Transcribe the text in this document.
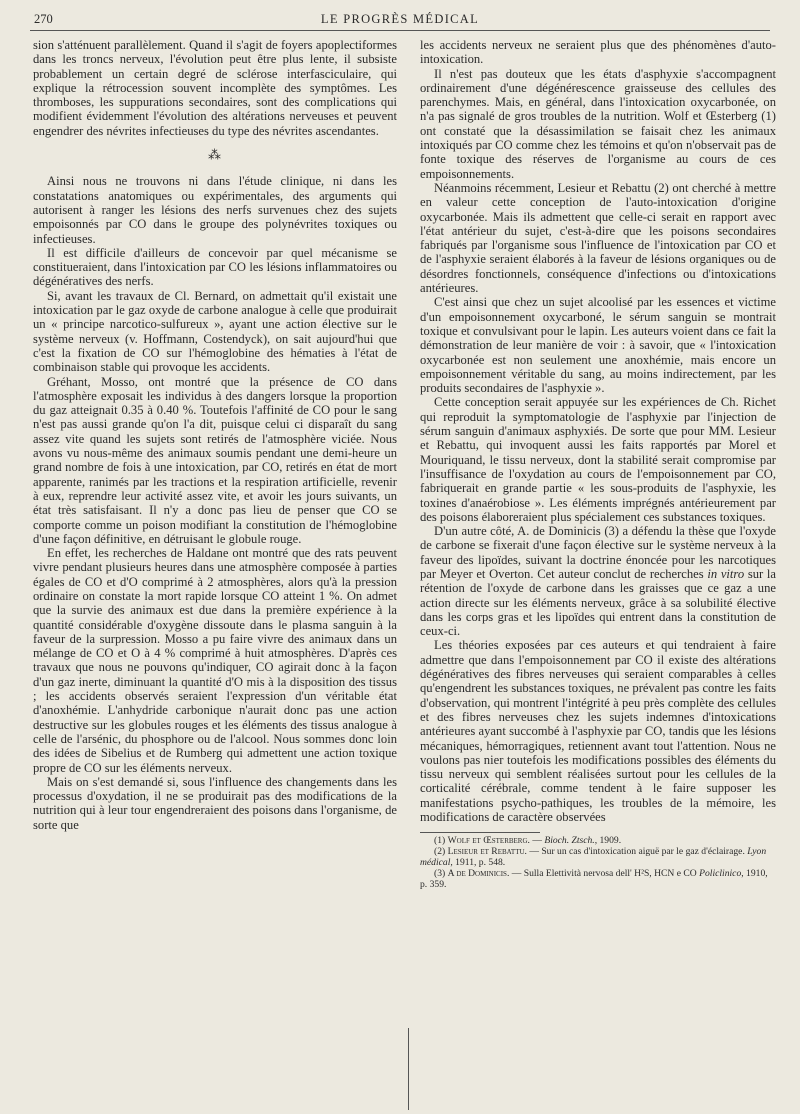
270	LE PROGRÈS MÉDICAL

sion s'atténuent parallèlement. Quand il s'agit de foyers apoplectiformes dans les troncs nerveux, l'évolution peut être plus lente, il subsiste probablement un certain degré de sclérose interfasciculaire, qui explique la rétrocession souvent incomplète des symptômes. Les thromboses, les suppurations secondaires, sont des complications qui modifient évidemment l'évolution des altérations nerveuses et peuvent engendrer des névrites infectieuses du type des névrites ascendantes.

⁂

Ainsi nous ne trouvons ni dans l'étude clinique, ni dans les constatations anatomiques ou expérimentales, des arguments qui autorisent à ranger les lésions des nerfs survenues chez des sujets empoisonnés par CO dans le groupe des polynévrites toxiques ou infectieuses.

Il est difficile d'ailleurs de concevoir par quel mécanisme se constitueraient, dans l'intoxication par CO les lésions inflammatoires ou dégénératives des nerfs.

Si, avant les travaux de Cl. Bernard, on admettait qu'il existait une intoxication par le gaz oxyde de carbone analogue à celle que produirait un « principe narcotico-sulfureux », ayant une action élective sur le système nerveux (v. Hoffmann, Costendyck), on sait aujourd'hui que c'est la fixation de CO sur l'hémoglobine des hématies à l'état de combinaison stable qui provoque les accidents.

Gréhant, Mosso, ont montré que la présence de CO dans l'atmosphère exposait les individus à des dangers lorsque la proportion du gaz atteignait 0.35 à 0.40 %. Toutefois l'affinité de CO pour le sang n'est pas aussi grande qu'on l'a dit, puisque celui ci disparaît du sang assez vite quand les sujets sont retirés de l'atmosphère viciée. Nous avons vu nous-même des animaux soumis pendant une demi-heure un grand nombre de fois à une intoxication, par CO, retirés en état de mort apparente, ranimés par les tractions et la respiration artificielle, revenir à eux, reprendre leur activité assez vite, et avoir les jours suivants, un état très satisfaisant. Il n'y a donc pas lieu de penser que CO se comporte comme un poison modifiant la constitution de l'hémoglobine d'une façon définitive, en détruisant le globule rouge.

En effet, les recherches de Haldane ont montré que des rats peuvent vivre pendant plusieurs heures dans une atmosphère composée à parties égales de CO et d'O comprimé à 2 atmosphères, alors qu'à la pression ordinaire on constate la mort rapide lorsque CO atteint 1 %. On admet que la survie des animaux est due dans la première expérience à la quantité considérable d'oxygène dissoute dans le plasma sanguin à la faveur de la surpression. Mosso a pu faire vivre des animaux dans un mélange de CO et O à 4 % comprimé à huit atmosphères. D'après ces travaux que nous ne pouvons qu'indiquer, CO agirait donc à la façon d'un gaz inerte, diminuant la quantité d'O mis à la disposition des tissus ; les accidents observés seraient l'expression d'un véritable état d'anoxhémie. L'anhydride carbonique n'aurait donc pas une action destructive sur les globules rouges et les éléments des tissus analogue à celle de l'arsénic, du phosphore ou de l'alcool. Nous sommes donc loin des idées de Sibelius et de Rumberg qui admettent une action toxique propre de CO sur les éléments nerveux.

Mais on s'est demandé si, sous l'influence des changements dans les processus d'oxydation, il ne se produirait pas des modifications de la nutrition qui à leur tour engendreraient des poisons dans l'organisme, de sorte que

les accidents nerveux ne seraient plus que des phénomènes d'auto-intoxication.

Il n'est pas douteux que les états d'asphyxie s'accompagnent ordinairement d'une dégénérescence graisseuse des cellules des parenchymes. Mais, en général, dans l'intoxication oxycarbonée, on n'a pas signalé de gros troubles de la nutrition. Wolf et Œsterberg (1) ont constaté que la désassimilation se faisait chez les animaux intoxiqués par CO comme chez les témoins et qu'on n'observait pas de fonte toxique des réserves de l'organisme au cours de ces empoisonnements.

Néanmoins récemment, Lesieur et Rebattu (2) ont cherché à mettre en valeur cette conception de l'auto-intoxication d'origine oxycarbonée. Mais ils admettent que celle-ci serait en rapport avec l'état antérieur du sujet, c'est-à-dire que les poisons secondaires fabriqués par l'organisme sous l'influence de l'intoxication par CO et de l'asphyxie seraient élaborés à la faveur de lésions organiques ou de désordres fonctionnels, conséquence d'infections ou d'intoxications antérieures.

C'est ainsi que chez un sujet alcoolisé par les essences et victime d'un empoisonnement oxycarboné, le sérum sanguin se montrait toxique et convulsivant pour le lapin. Les auteurs voient dans ce fait la démonstration de leur manière de voir : à savoir, que « l'intoxication oxycarbonée est non seulement une anoxhémie, mais encore un empoisonnement véritable du sang, au moins indirectement, par les produits secondaires de l'asphyxie ».

Cette conception serait appuyée sur les expériences de Ch. Richet qui reproduit la symptomatologie de l'asphyxie par l'injection de sérum sanguin d'animaux asphyxiés. De sorte que pour MM. Lesieur et Rebattu, qui invoquent aussi les faits rapportés par Morel et Mouriquand, le tissu nerveux, dont la stabilité serait compromise par l'insuffisance de l'oxydation au cours de l'empoisonnement par CO, fabriquerait en grande partie « les sous-produits de l'asphyxie, les toxines d'anaérobiose ». Les éléments imprégnés antérieurement par des poisons élaboreraient plus spécialement ces substances toxiques.

D'un autre côté, A. de Dominicis (3) a défendu la thèse que l'oxyde de carbone se fixerait d'une façon élective sur le système nerveux à la faveur des lipoïdes, suivant la doctrine énoncée pour les narcotiques par Meyer et Overton. Cet auteur conclut de recherches in vitro sur la rétention de l'oxyde de carbone dans les graisses que ce gaz a une action directe sur les éléments nerveux, grâce à sa solubilité élective dans les corps gras et les lipoïdes qui entrent dans la constitution de ceux-ci.

Les théories exposées par ces auteurs et qui tendraient à faire admettre que dans l'empoisonnement par CO il existe des altérations dégénératives des fibres nerveuses qui seraient comparables à celles qu'engendrent les substances toxiques, ne prévalent pas contre les faits d'observation, qui montrent l'intégrité à peu près complète des cellules et des fibres nerveuses chez les sujets indemnes d'intoxications antérieures ayant succombé à l'asphyxie par CO, tandis que les lésions mécaniques, hémorragiques, retiennent avant tout l'attention. Nous ne voulons pas nier toutefois les modifications possibles des éléments du tissu nerveux qui semblent réalisées surtout pour les cellules de la corticalité cérébrale, comme tendent à le faire supposer les manifestations psycho-pathiques, les troubles de la mémoire, les modifications de caractère observées

(1) Wolf et Œsterberg. — Bioch. Ztsch., 1909.

(2) Lesieur et Rebattu. — Sur un cas d'intoxication aiguë par le gaz d'éclairage. Lyon médical, 1911, p. 548.

(3) A de Dominicis. — Sulla Elettività nervosa dell' H²S, HCN e CO Policlinico, 1910, p. 359.
